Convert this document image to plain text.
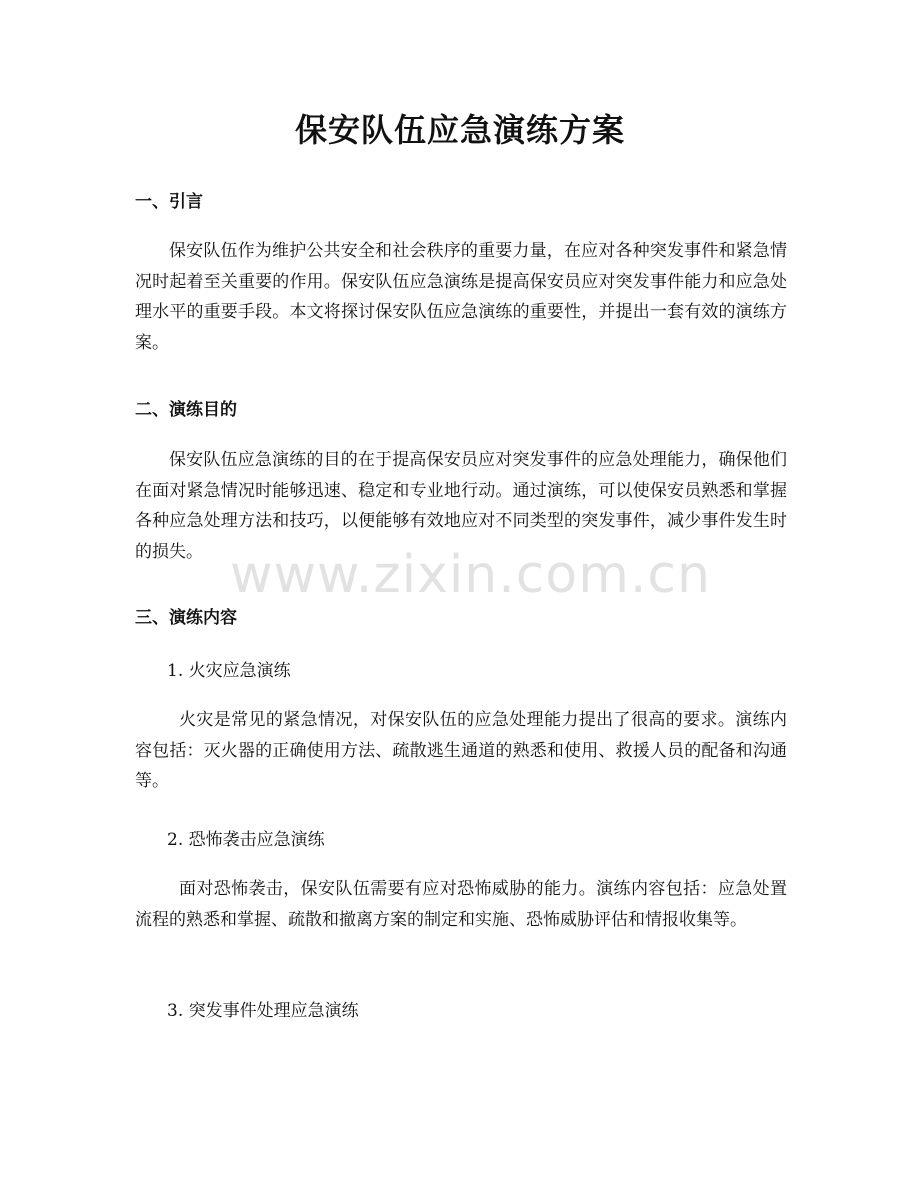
保安队伍应急演练方案
一、引言

保安队伍作为维护公共安全和社会秩序的重要力量，在应对各种突发事件和紧急情况时起着至关重要的作用。保安队伍应急演练是提高保安员应对突发事件能力和应急处理水平的重要手段。本文将探讨保安队伍应急演练的重要性，并提出一套有效的演练方案。

二、演练目的

保安队伍应急演练的目的在于提高保安员应对突发事件的应急处理能力，确保他们在面对紧急情况时能够迅速、稳定和专业地行动。通过演练，可以使保安员熟悉和掌握各种应急处理方法和技巧，以便能够有效地应对不同类型的突发事件，减少事件发生时的损失。

三、演练内容

1. 火灾应急演练

火灾是常见的紧急情况，对保安队伍的应急处理能力提出了很高的要求。演练内容包括：灭火器的正确使用方法、疏散逃生通道的熟悉和使用、救援人员的配备和沟通等。

2. 恐怖袭击应急演练

面对恐怖袭击，保安队伍需要有应对恐怖威胁的能力。演练内容包括：应急处置流程的熟悉和掌握、疏散和撤离方案的制定和实施、恐怖威胁评估和情报收集等。

3. 突发事件处理应急演练

www.zixin.com.cn
